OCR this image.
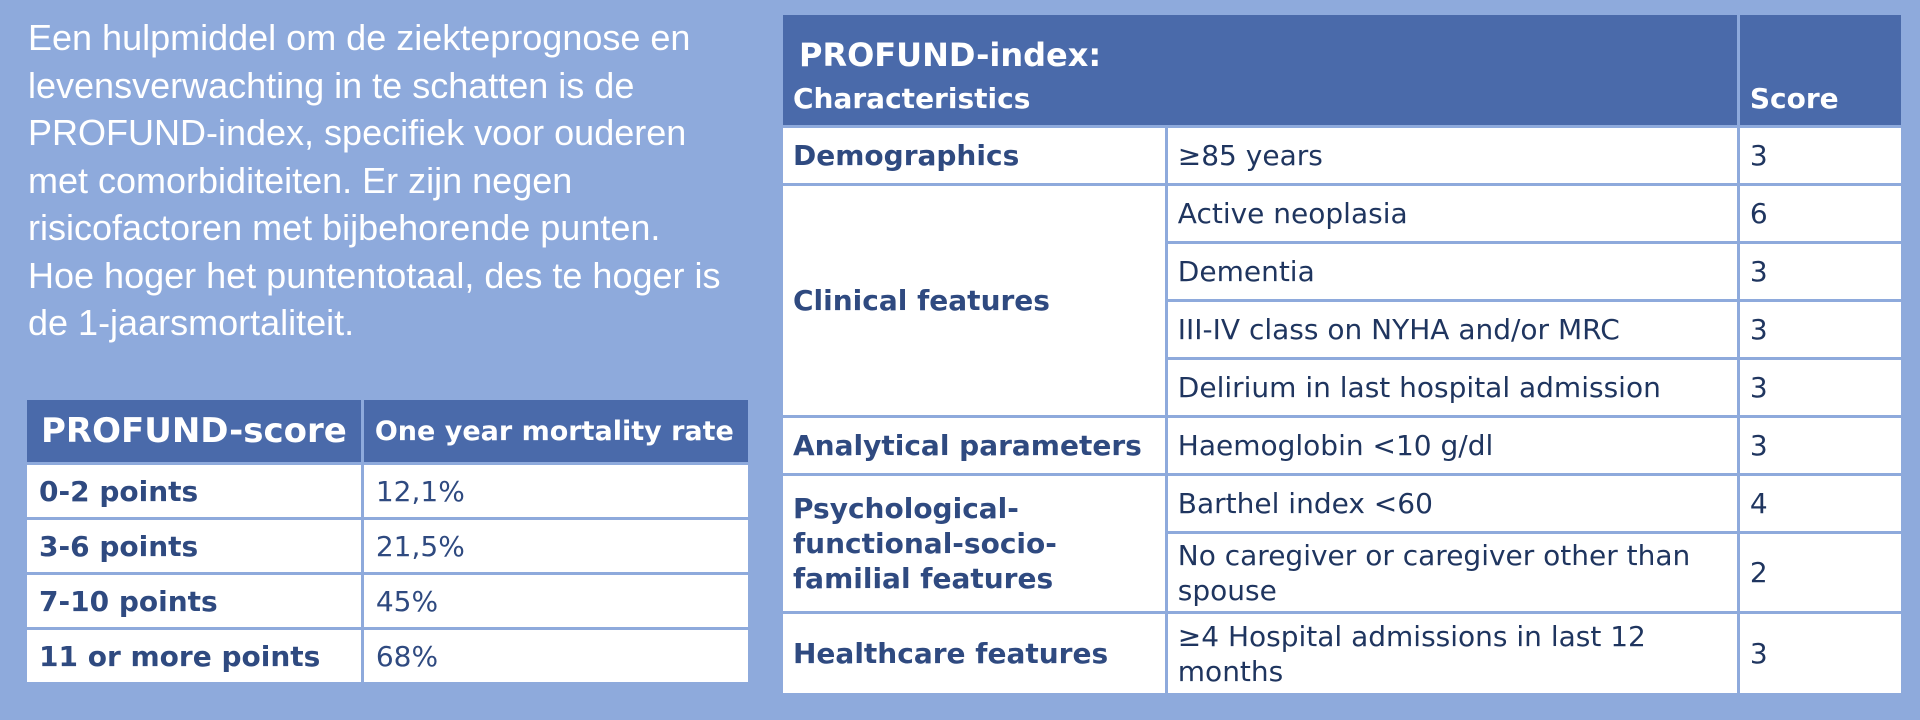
Een hulpmiddel om de ziekteprognose en levensverwachting in te schatten is de PROFUND-index, specifiek voor ouderen met comorbiditeiten. Er zijn negen risicofactoren met bijbehorende punten. Hoe hoger het puntentotaal, des te hoger is de 1-jaarsmortaliteit.

PROFUND-score	One year mortality rate
0-2 points	12,1%
3-6 points	21,5%
7-10 points	45%
11 or more points	68%
PROFUND-index:
Characteristics		Score
Demographics	≥85 years	3
Clinical features	Active neoplasia	6
	Dementia	3
	III-IV class on NYHA and/or MRC	3
	Delirium in last hospital admission	3
Analytical parameters	Haemoglobin <10 g/dl	3
Psychological-functional-socio-familial features	Barthel index <60	4
	No caregiver or caregiver other than spouse	2
Healthcare features	≥4 Hospital admissions in last 12 months	3
